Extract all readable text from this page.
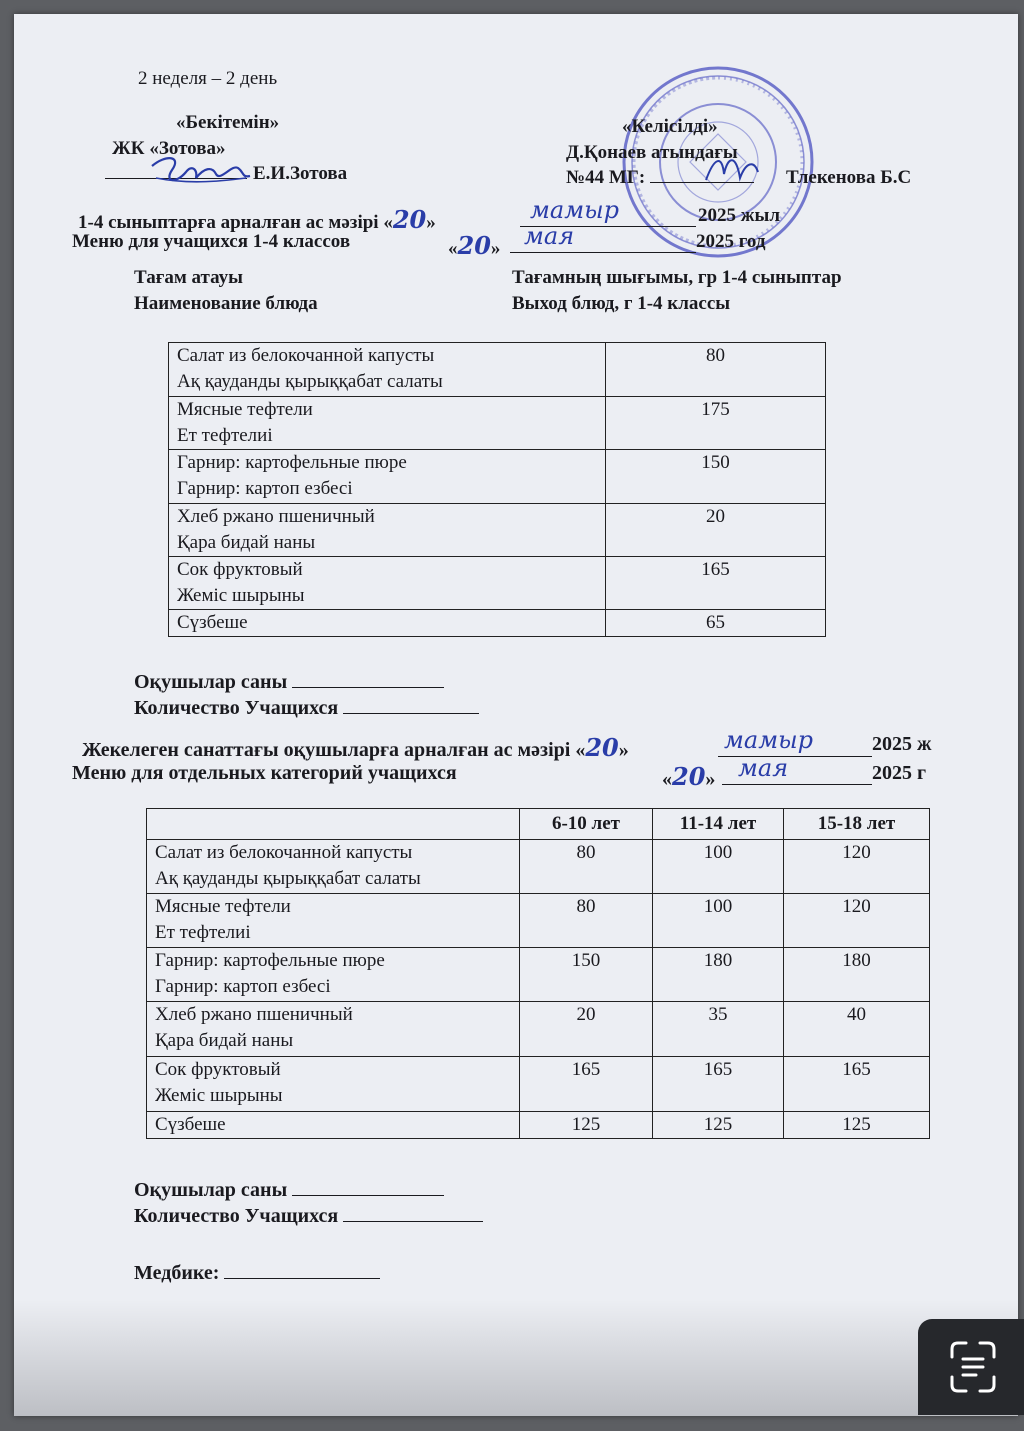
2 неделя – 2 день
«Бекітемін»
ЖК «Зотова»
Е.И.Зотова
«Келісілді»
Д.Қонаев атындағы
№44 МГ:	Тлекенова Б.С
1-4 сыныптарға арналған ас мәзірі «20»	мамыр	2025 жыл
Меню для учащихся 1-4 классов	«20» мая	2025 год
Тағам атауы
Наименование блюда
Тағамның шығымы, гр 1-4 сыныптар
Выход блюд, г 1-4 классы
Салат из белокочанной капусты
Ақ қауданды қырыққабат салаты	80

Мясные тефтели
Ет тефтелиі	175

Гарнир: картофельные пюре
Гарнир: картоп езбесі	150

Хлеб ржано пшеничный
Қара бидай наны	20

Сок фруктовый
Жеміс шырыны	165

Сүзбеше	65
Оқушылар саны
Количество Учащихся
Жекелеген санаттағы оқушыларға арналған ас мәзірі «20»	мамыр	2025 ж
Меню для отдельных категорий учащихся	«20» мая	2025 г
	6-10 лет	11-14 лет	15-18 лет

Салат из белокочанной капусты
Ақ қауданды қырыққабат салаты	80	100	120

Мясные тефтели
Ет тефтелиі	80	100	120

Гарнир: картофельные пюре
Гарнир: картоп езбесі	150	180	180

Хлеб ржано пшеничный
Қара бидай наны	20	35	40

Сок фруктовый
Жеміс шырыны	165	165	165

Сүзбеше	125	125	125
Оқушылар саны
Количество Учащихся
Медбике:
